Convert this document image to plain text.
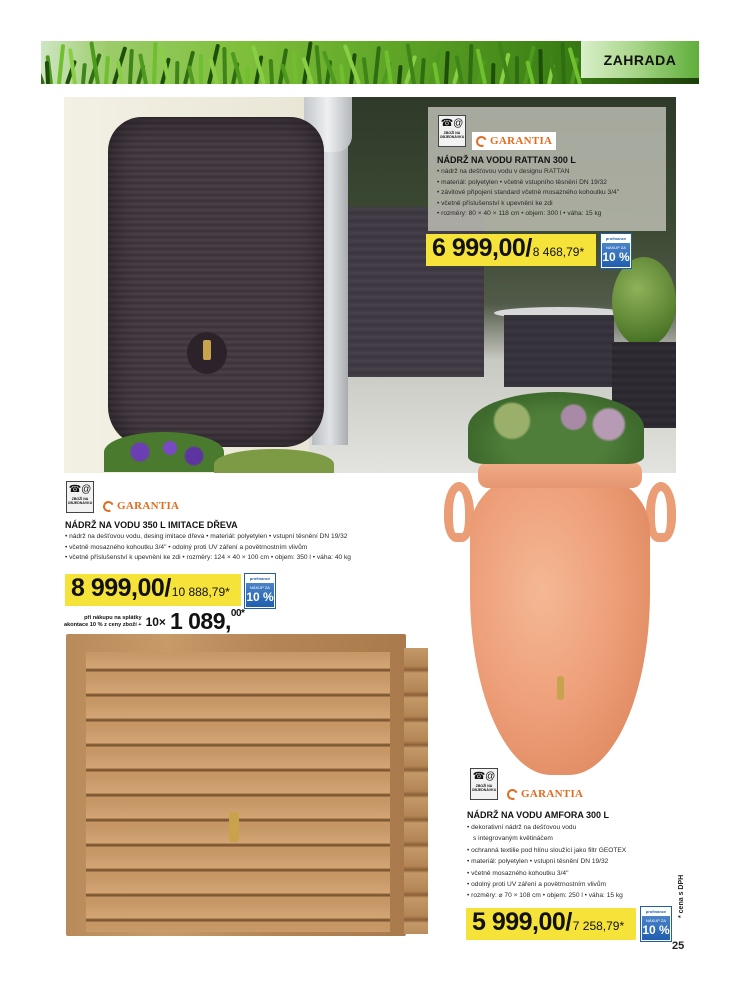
ZAHRADA
☎@
ZBOŽÍ NA OBJEDNÁVKU GARANTIA
NÁDRŽ NA VODU RATTAN 300 L
• nádrž na dešťovou vodu v designu RATTAN
• materiál: polyetylen • včetně vstupního těsnění DN 19/32
• závitové připojení standard včetně mosazného kohoutku 3/4"
• včetně příslušenství k upevnění ke zdi
• rozměry: 80 × 40 × 118 cm • objem: 300 l • váha: 15 kg
6 999,00/ 8 468,79*
profinance
NÁKUP ZA
10 %
☎@
ZBOŽÍ NA OBJEDNÁVKU GARANTIA
NÁDRŽ NA VODU 350 L IMITACE DŘEVA
• nádrž na dešťovou vodu, desing imitace dřeva • materiál: polyetylen • vstupní těsnění DN 19/32
• včetně mosazného kohoutku 3/4" • odolný proti UV záření a povětrnostním vlivům
• včetně příslušenství k upevnění ke zdi • rozměry: 124 × 40 × 100 cm • objem: 350 l • váha: 40 kg
8 999,00/ 10 888,79*
profinance
NÁKUP ZA
10 %
při nákupu na splátky
akontace 10 % z ceny zboží + 10× 1 089,$^{00*}$
☎@
ZBOŽÍ NA OBJEDNÁVKU GARANTIA
NÁDRŽ NA VODU AMFORA 300 L
• dekorativní nádrž na dešťovou vodu
s integrovaným květináčem
• ochranná textilie pod hlínu sloužící jako filtr GEOTEX
• materiál: polyetylen • vstupní těsnění DN 19/32
• včetně mosazného kohoutku 3/4"
• odolný proti UV záření a povětrnostním vlivům
• rozměry: ⌀ 70 × 108 cm • objem: 250 l • váha: 15 kg
5 999,00/ 7 258,79*
profinance
NÁKUP ZA
10 %
* cena s DPH
25
